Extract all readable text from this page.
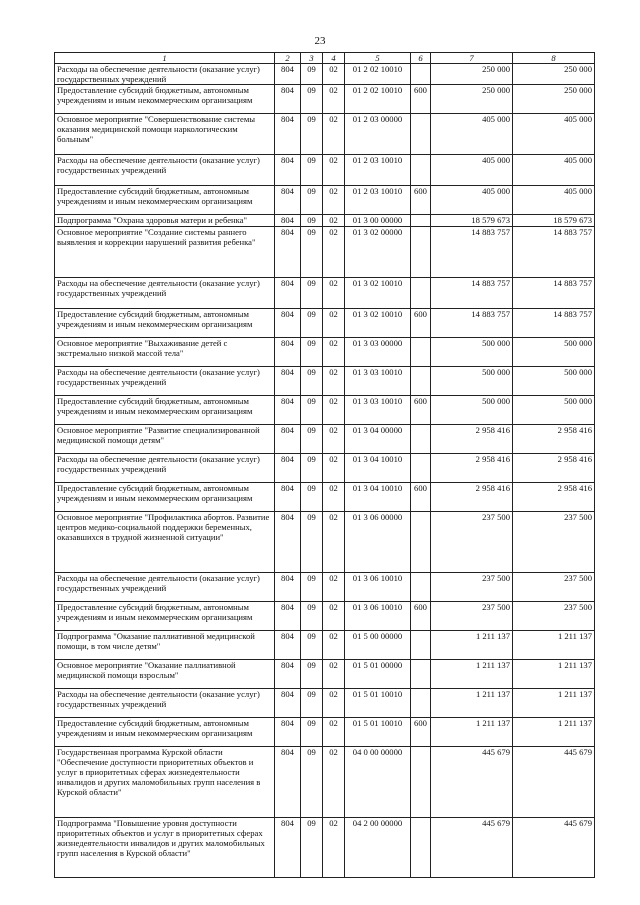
23
1	2	3	4	5	6	7	8
Расходы на обеспечение деятельности (оказание услуг) государственных учреждений	804	09	02	01 2 02 10010		250 000	250 000
Предоставление субсидий бюджетным, автономным учреждениям и иным некоммерческим организациям	804	09	02	01 2 02 10010	600	250 000	250 000
Основное мероприятие "Совершенствование системы оказания медицинской помощи наркологическим больным"	804	09	02	01 2 03 00000		405 000	405 000
Расходы на обеспечение деятельности (оказание услуг) государственных учреждений	804	09	02	01 2 03 10010		405 000	405 000
Предоставление субсидий бюджетным, автономным учреждениям и иным некоммерческим организациям	804	09	02	01 2 03 10010	600	405 000	405 000
Подпрограмма "Охрана здоровья матери и ребенка"	804	09	02	01 3 00 00000		18 579 673	18 579 673
Основное мероприятие "Создание системы раннего выявления и коррекции нарушений развития ребенка"	804	09	02	01 3 02 00000		14 883 757	14 883 757
Расходы на обеспечение деятельности (оказание услуг) государственных учреждений	804	09	02	01 3 02 10010		14 883 757	14 883 757
Предоставление субсидий бюджетным, автономным учреждениям и иным некоммерческим организациям	804	09	02	01 3 02 10010	600	14 883 757	14 883 757
Основное мероприятие "Выхаживание детей с экстремально низкой массой тела"	804	09	02	01 3 03 00000		500 000	500 000
Расходы на обеспечение деятельности (оказание услуг) государственных учреждений	804	09	02	01 3 03 10010		500 000	500 000
Предоставление субсидий бюджетным, автономным учреждениям и иным некоммерческим организациям	804	09	02	01 3 03 10010	600	500 000	500 000
Основное мероприятие "Развитие специализированной медицинской помощи детям"	804	09	02	01 3 04 00000		2 958 416	2 958 416
Расходы на обеспечение деятельности (оказание услуг) государственных учреждений	804	09	02	01 3 04 10010		2 958 416	2 958 416
Предоставление субсидий бюджетным, автономным учреждениям и иным некоммерческим организациям	804	09	02	01 3 04 10010	600	2 958 416	2 958 416
Основное мероприятие "Профилактика абортов. Развитие центров медико-социальной поддержки беременных, оказавшихся в трудной жизненной ситуации"	804	09	02	01 3 06 00000		237 500	237 500
Расходы на обеспечение деятельности (оказание услуг) государственных учреждений	804	09	02	01 3 06 10010		237 500	237 500
Предоставление субсидий бюджетным, автономным учреждениям и иным некоммерческим организациям	804	09	02	01 3 06 10010	600	237 500	237 500
Подпрограмма "Оказание паллиативной медицинской помощи, в том числе детям"	804	09	02	01 5 00 00000		1 211 137	1 211 137
Основное мероприятие "Оказание паллиативной медицинской помощи взрослым"	804	09	02	01 5 01 00000		1 211 137	1 211 137
Расходы на обеспечение деятельности (оказание услуг) государственных учреждений	804	09	02	01 5 01 10010		1 211 137	1 211 137
Предоставление субсидий бюджетным, автономным учреждениям и иным некоммерческим организациям	804	09	02	01 5 01 10010	600	1 211 137	1 211 137
Государственная программа Курской области "Обеспечение доступности приоритетных объектов и услуг в приоритетных сферах жизнедеятельности инвалидов и других маломобильных групп населения в Курской области"	804	09	02	04 0 00 00000		445 679	445 679
Подпрограмма "Повышение уровня доступности приоритетных объектов и услуг в приоритетных сферах жизнедеятельности инвалидов и других маломобильных групп населения в Курской области"	804	09	02	04 2 00 00000		445 679	445 679
